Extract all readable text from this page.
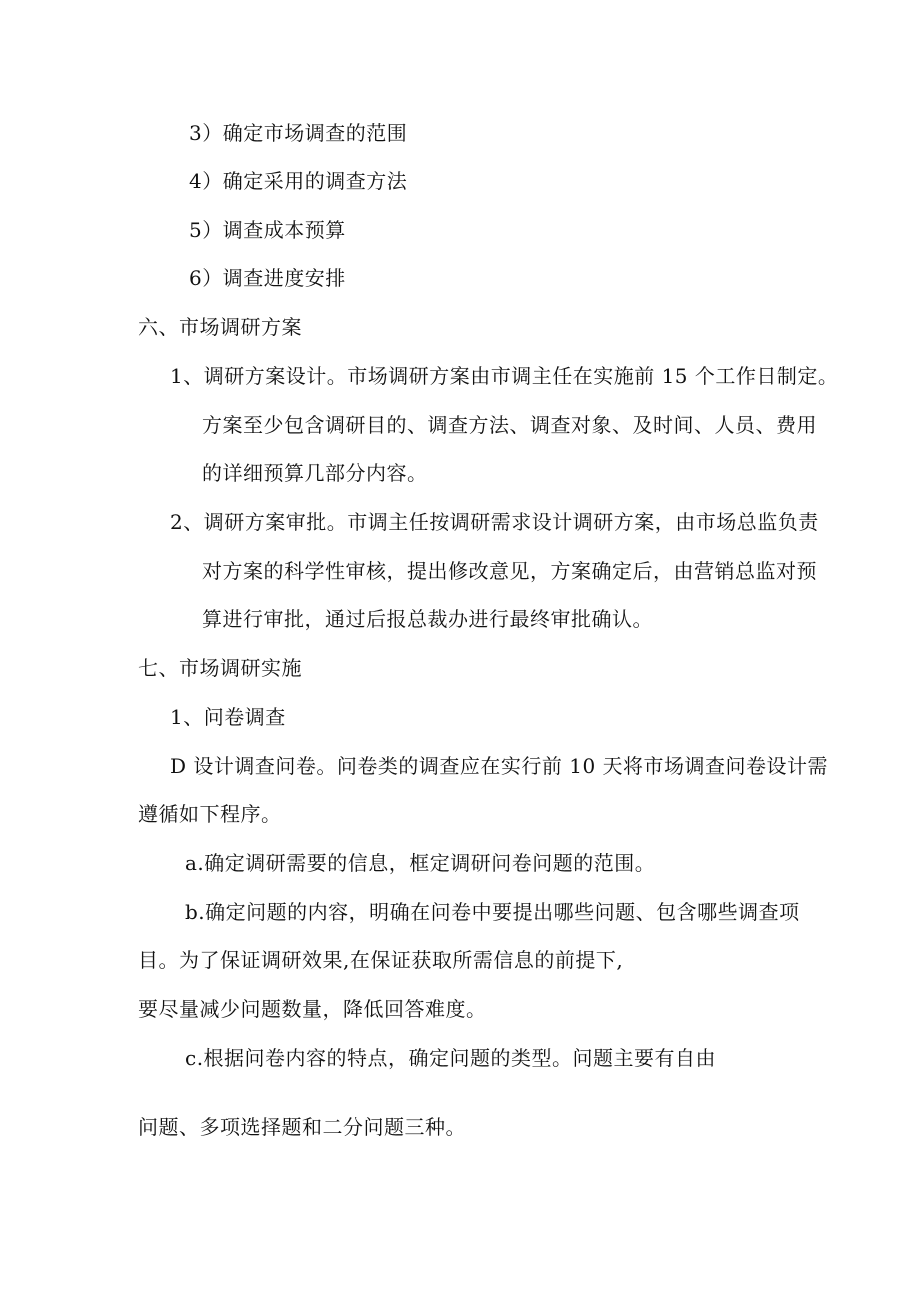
3）确定市场调查的范围
4）确定采用的调查方法
5）调查成本预算
6）调查进度安排
六、市场调研方案
1、调研方案设计。市场调研方案由市调主任在实施前 15 个工作日制定。
方案至少包含调研目的、调查方法、调查对象、及时间、人员、费用
的详细预算几部分内容。
2、调研方案审批。市调主任按调研需求设计调研方案，由市场总监负责
对方案的科学性审核，提出修改意见，方案确定后，由营销总监对预
算进行审批，通过后报总裁办进行最终审批确认。
七、市场调研实施
1、问卷调查
D 设计调查问卷。问卷类的调查应在实行前 10 天将市场调查问卷设计需
遵循如下程序。
a.确定调研需要的信息，框定调研问卷问题的范围。
b.确定问题的内容，明确在问卷中要提出哪些问题、包含哪些调查项
目。为了保证调研效果,在保证获取所需信息的前提下,
要尽量减少问题数量，降低回答难度。
c.根据问卷内容的特点，确定问题的类型。问题主要有自由
问题、多项选择题和二分问题三种。
